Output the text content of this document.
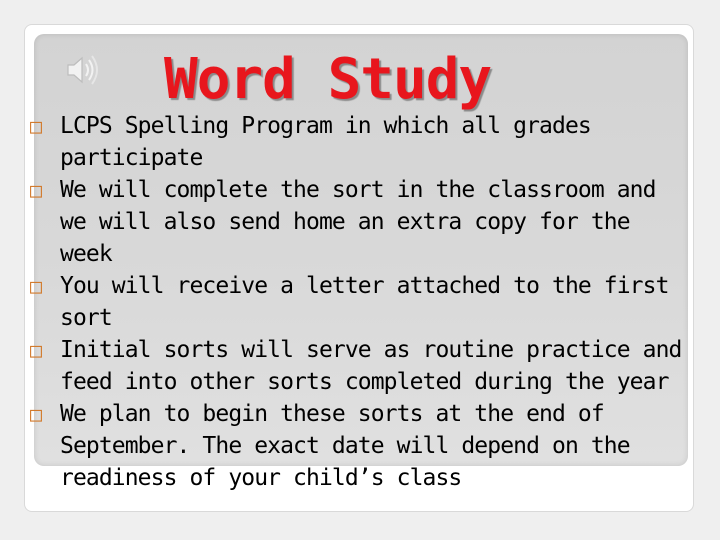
Word Study
□ LCPS Spelling Program in which all grades participate
□ We will complete the sort in the classroom and we will also send home an extra copy for the week
□ You will receive a letter attached to the first sort
□ Initial sorts will serve as routine practice and feed into other sorts completed during the year
□ We plan to begin these sorts at the end of September. The exact date will depend on the readiness of your child’s class
